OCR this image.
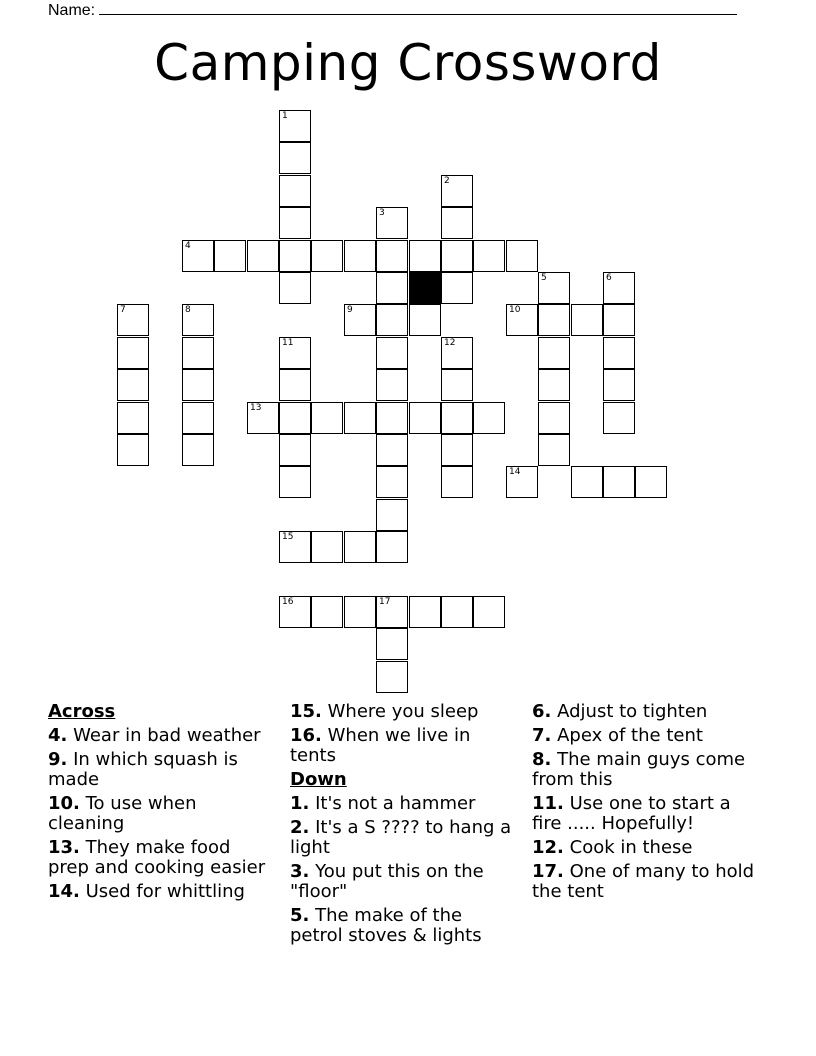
Name:
Camping Crossword
1
2
3
4
5	6
7	8	9	10
11	12
13
14
15
16	17
Across
4. Wear in bad weather
9. In which squash is made
10. To use when cleaning
13. They make food prep and cooking easier
14. Used for whittling
15. Where you sleep
16. When we live in tents
Down
1. It's not a hammer
2. It's a S ???? to hang a light
3. You put this on the "floor"
5. The make of the petrol stoves & lights
6. Adjust to tighten
7. Apex of the tent
8. The main guys come from this
11. Use one to start a fire ..... Hopefully!
12. Cook in these
17. One of many to hold the tent
